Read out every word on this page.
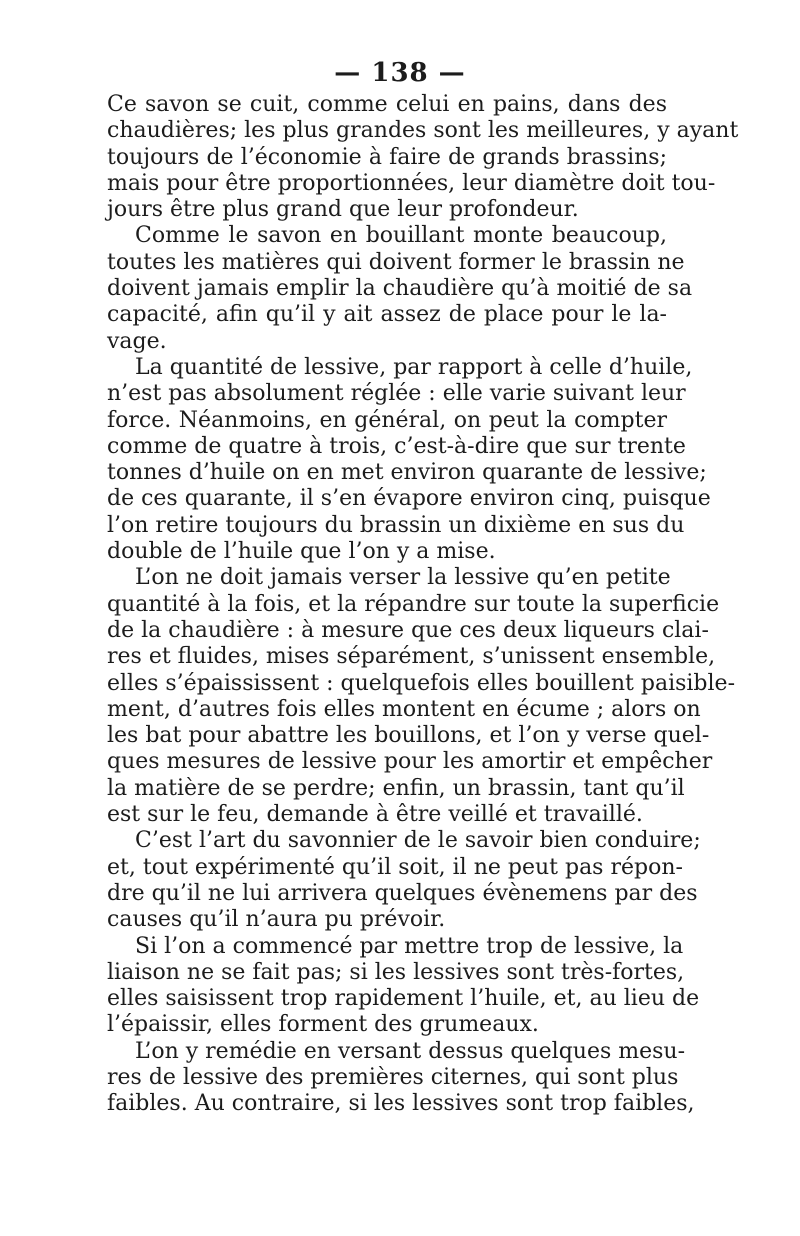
— 138 —
Ce savon se cuit, comme celui en pains, dans des
chaudières; les plus grandes sont les meilleures, y ayant
toujours de l’économie à faire de grands brassins;
mais pour être proportionnées, leur diamètre doit tou-
jours être plus grand que leur profondeur.
Comme le savon en bouillant monte beaucoup,
toutes les matières qui doivent former le brassin ne
doivent jamais emplir la chaudière qu’à moitié de sa
capacité, afin qu’il y ait assez de place pour le la-
vage.
La quantité de lessive, par rapport à celle d’huile,
n’est pas absolument réglée : elle varie suivant leur
force. Néanmoins, en général, on peut la compter
comme de quatre à trois, c’est-à-dire que sur trente
tonnes d’huile on en met environ quarante de lessive;
de ces quarante, il s’en évapore environ cinq, puisque
l’on retire toujours du brassin un dixième en sus du
double de l’huile que l’on y a mise.
L’on ne doit jamais verser la lessive qu’en petite
quantité à la fois, et la répandre sur toute la superficie
de la chaudière : à mesure que ces deux liqueurs clai-
res et fluides, mises séparément, s’unissent ensemble,
elles s’épaississent : quelquefois elles bouillent paisible-
ment, d’autres fois elles montent en écume ; alors on
les bat pour abattre les bouillons, et l’on y verse quel-
ques mesures de lessive pour les amortir et empêcher
la matière de se perdre; enfin, un brassin, tant qu’il
est sur le feu, demande à être veillé et travaillé.
C’est l’art du savonnier de le savoir bien conduire;
et, tout expérimenté qu’il soit, il ne peut pas répon-
dre qu’il ne lui arrivera quelques évènemens par des
causes qu’il n’aura pu prévoir.
Si l’on a commencé par mettre trop de lessive, la
liaison ne se fait pas; si les lessives sont très-fortes,
elles saisissent trop rapidement l’huile, et, au lieu de
l’épaissir, elles forment des grumeaux.
L’on y remédie en versant dessus quelques mesu-
res de lessive des premières citernes, qui sont plus
faibles. Au contraire, si les lessives sont trop faibles,
